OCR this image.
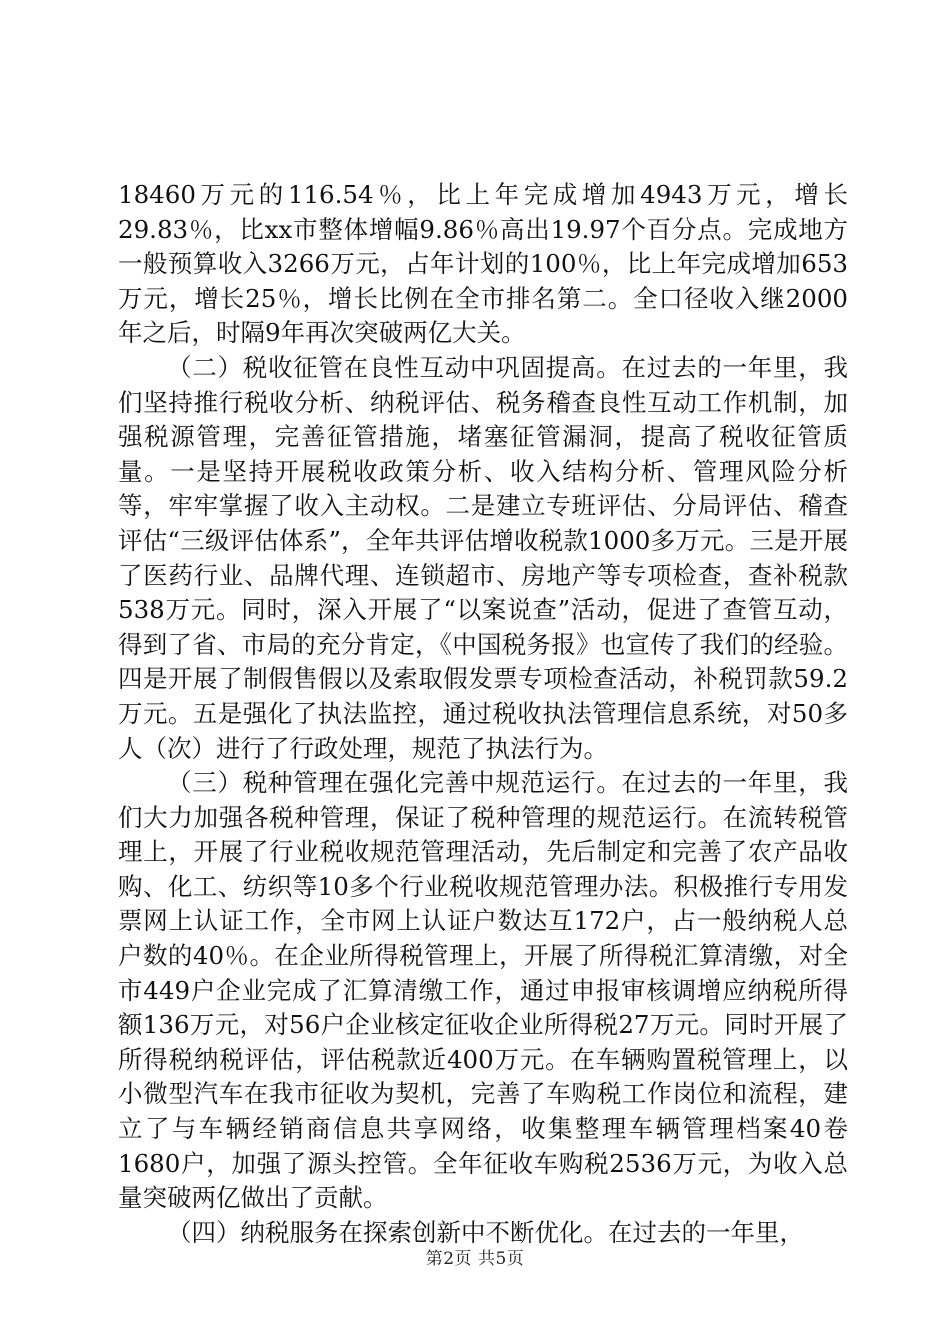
18460万元的116.54％，比上年完成增加4943万元，增长29.83％，比xx市整体增幅9.86％高出19.97个百分点。完成地方一般预算收入3266万元，占年计划的100％，比上年完成增加653万元，增长25％，增长比例在全市排名第二。全口径收入继2000年之后，时隔9年再次突破两亿大关。

（二）税收征管在良性互动中巩固提高。在过去的一年里，我们坚持推行税收分析、纳税评估、税务稽查良性互动工作机制，加强税源管理，完善征管措施，堵塞征管漏洞，提高了税收征管质量。一是坚持开展税收政策分析、收入结构分析、管理风险分析等，牢牢掌握了收入主动权。二是建立专班评估、分局评估、稽查评估“三级评估体系”，全年共评估增收税款1000多万元。三是开展了医药行业、品牌代理、连锁超市、房地产等专项检查，查补税款538万元。同时，深入开展了“以案说查”活动，促进了查管互动，得到了省、市局的充分肯定，《中国税务报》也宣传了我们的经验。四是开展了制假售假以及索取假发票专项检查活动，补税罚款59.2万元。五是强化了执法监控，通过税收执法管理信息系统，对50多人（次）进行了行政处理，规范了执法行为。

（三）税种管理在强化完善中规范运行。在过去的一年里，我们大力加强各税种管理，保证了税种管理的规范运行。在流转税管理上，开展了行业税收规范管理活动，先后制定和完善了农产品收购、化工、纺织等10多个行业税收规范管理办法。积极推行专用发票网上认证工作，全市网上认证户数达互172户，占一般纳税人总户数的40％。在企业所得税管理上，开展了所得税汇算清缴，对全市449户企业完成了汇算清缴工作，通过申报审核调增应纳税所得额136万元，对56户企业核定征收企业所得税27万元。同时开展了所得税纳税评估，评估税款近400万元。在车辆购置税管理上，以小微型汽车在我市征收为契机，完善了车购税工作岗位和流程，建立了与车辆经销商信息共享网络，收集整理车辆管理档案40卷1680户，加强了源头控管。全年征收车购税2536万元，为收入总量突破两亿做出了贡献。

（四）纳税服务在探索创新中不断优化。在过去的一年里，

第2页 共5页
